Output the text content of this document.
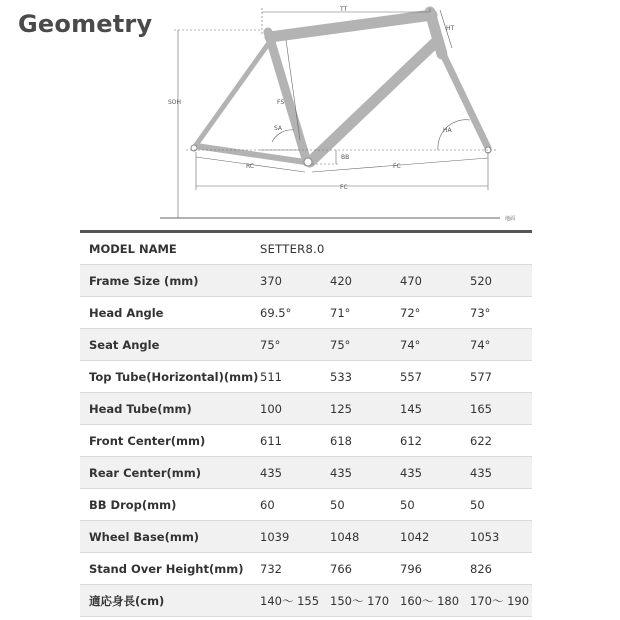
Geometry
TT
HT
SOH	FS
SA	HA
BB
RC	FC
FC
地面
MODEL NAME	SETTER8.0			
Frame Size (mm)	370	420	470	520
Head Angle	69.5°	71°	72°	73°
Seat Angle	75°	75°	74°	74°
Top Tube(Horizontal)(mm)	511	533	557	577
Head Tube(mm)	100	125	145	165
Front Center(mm)	611	618	612	622
Rear Center(mm)	435	435	435	435
BB Drop(mm)	60	50	50	50
Wheel Base(mm)	1039	1048	1042	1053
Stand Over Height(mm)	732	766	796	826
適応身長(cm)	140～ 155	150～ 170	160～ 180	170～ 190
